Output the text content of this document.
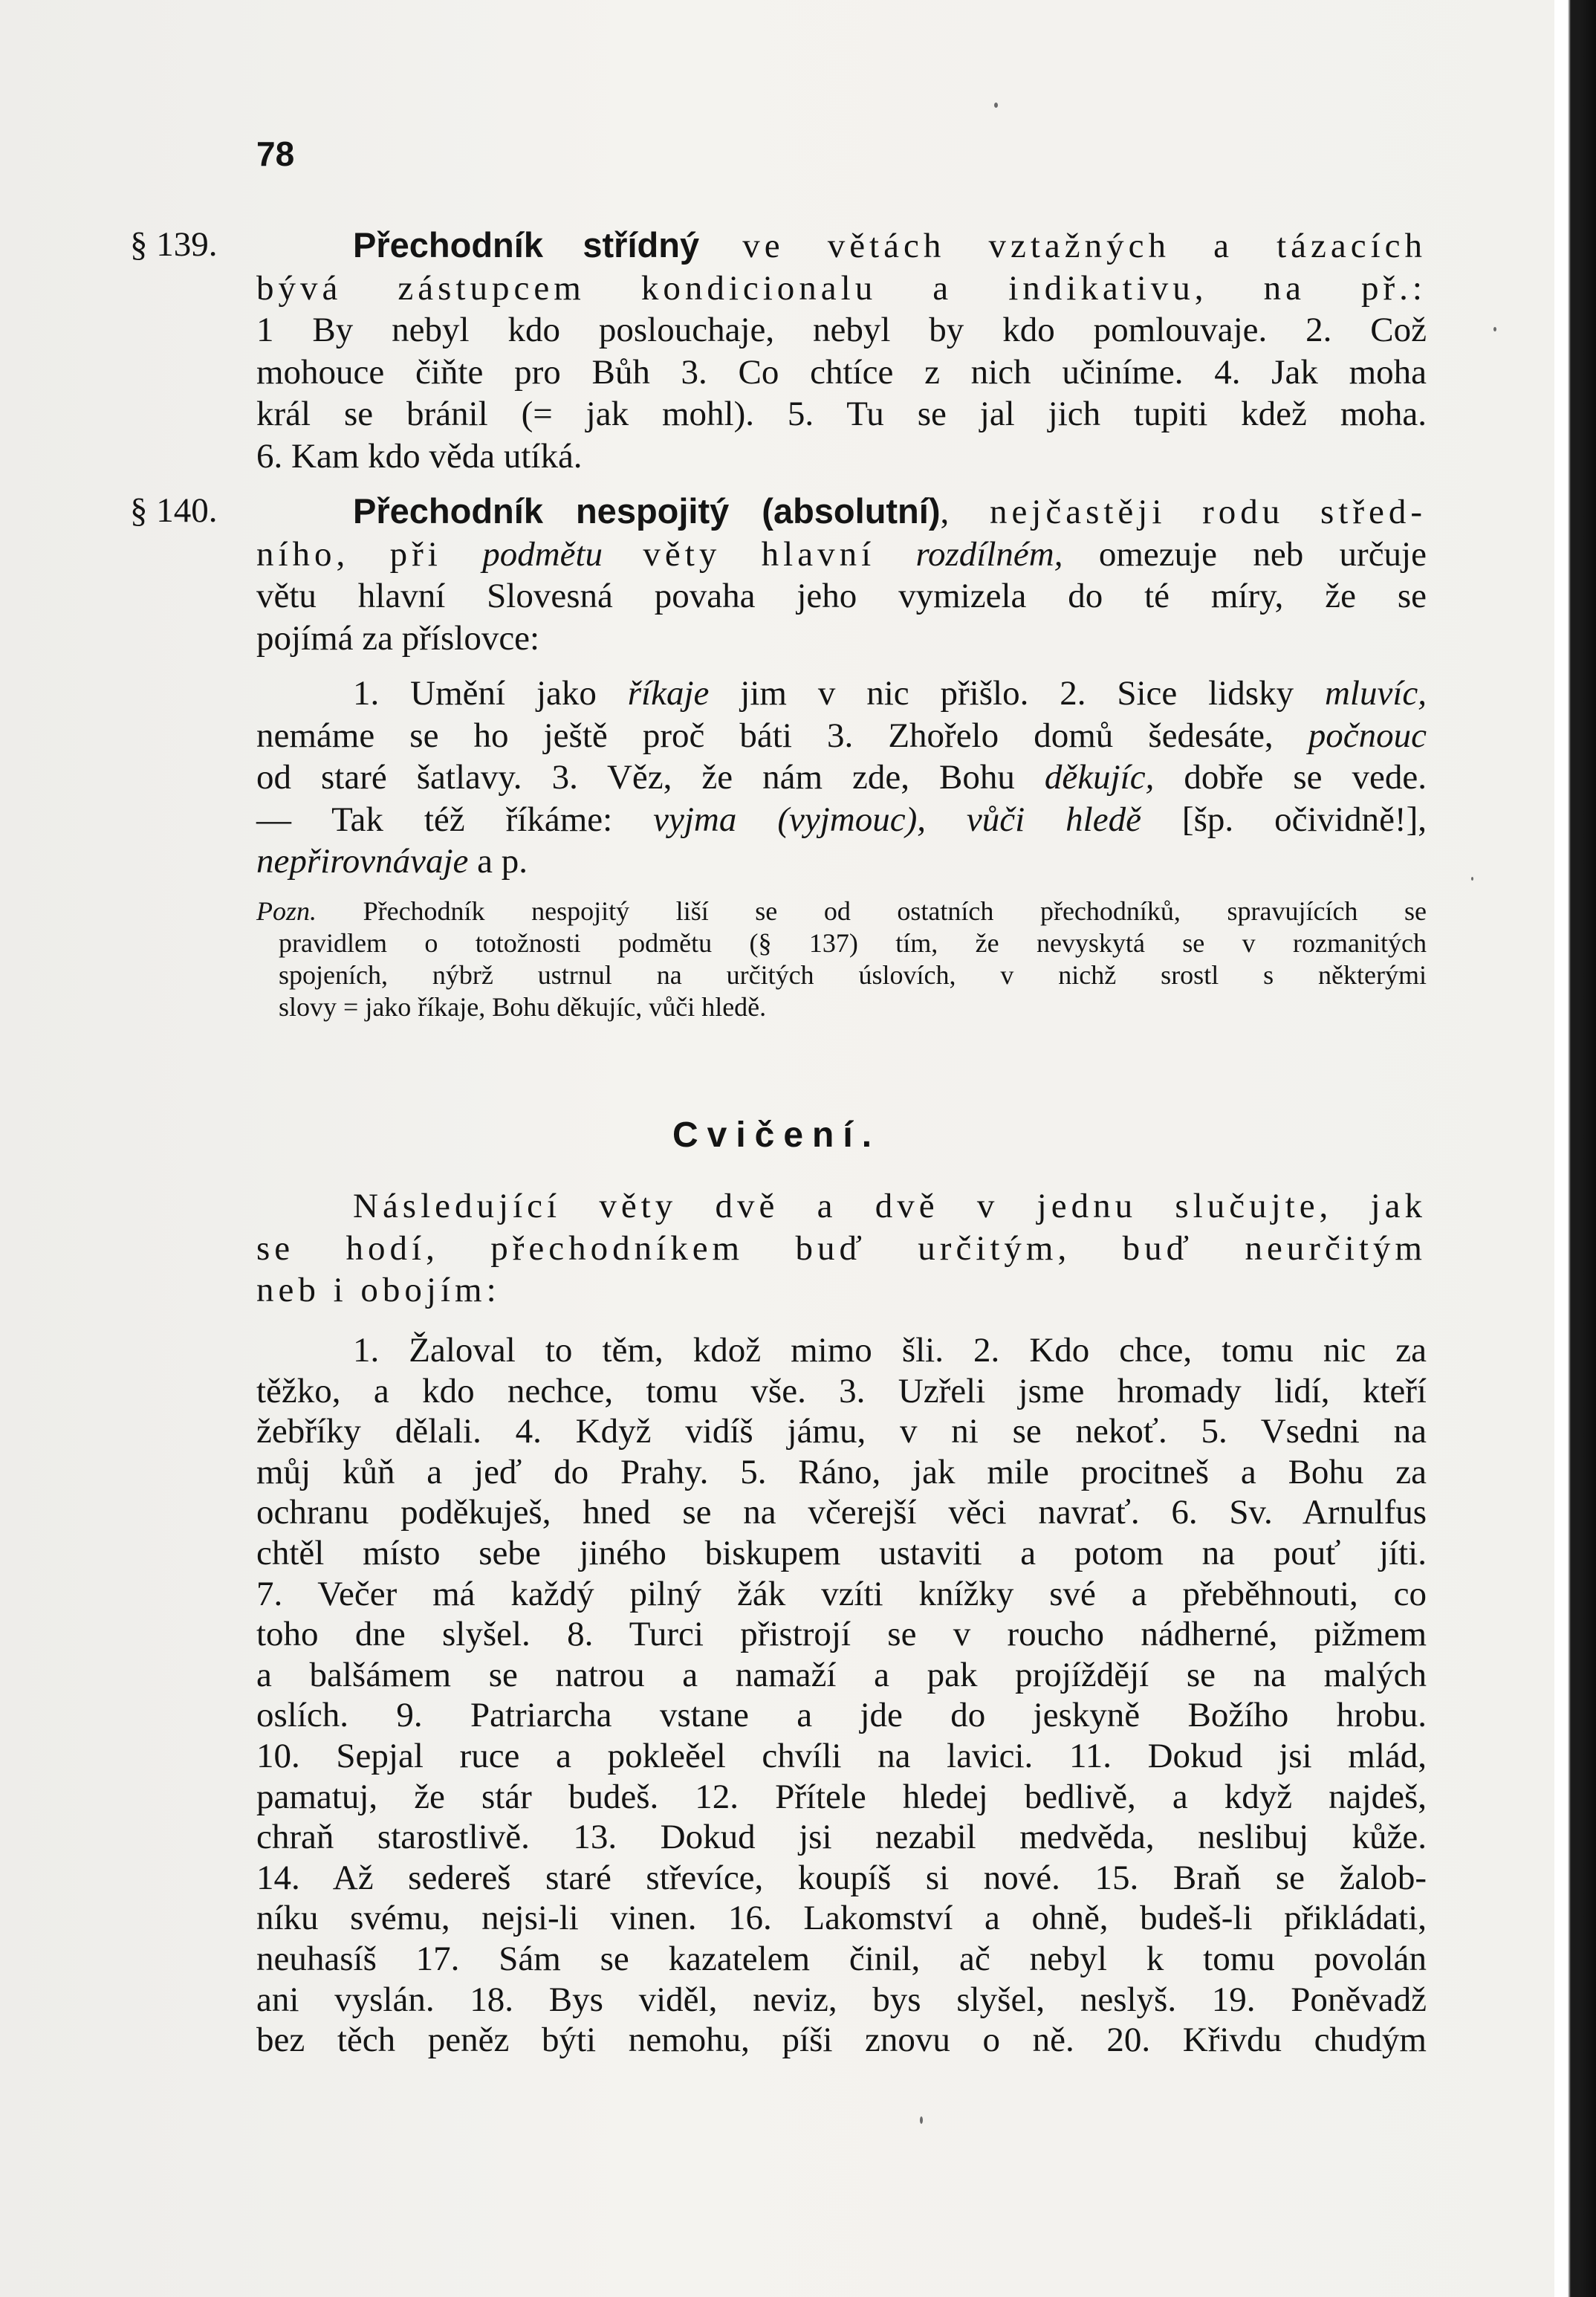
78
§ 139.	Přechodník střídný ve větách vztažných a tázacích
bývá zástupcem kondicionalu a indikativu, na př.:
1 By nebyl kdo poslouchaje, nebyl by kdo pomlouvaje. 2. Což
mohouce čiňte pro Bůh 3. Co chtíce z nich učiníme. 4. Jak moha
král se bránil (= jak mohl). 5. Tu se jal jich tupiti kdež moha.
6. Kam kdo věda utíká.
§ 140.	Přechodník nespojitý (absolutní), nejčastěji rodu střed-
ního, při podmětu věty hlavní rozdílném, omezuje neb určuje
větu hlavní Slovesná povaha jeho vymizela do té míry, že se
pojímá za příslovce:
1. Umění jako říkaje jim v nic přišlo. 2. Sice lidsky mluvíc,
nemáme se ho ještě proč báti 3. Zhořelo domů šedesáte, počnouc
od staré šatlavy. 3. Věz, že nám zde, Bohu děkujíc, dobře se vede.
— Tak též říkáme: vyjma (vyjmouc), vůči hledě [šp. očividně!],
nepřirovnávaje a p.
Pozn. Přechodník nespojitý liší se od ostatních přechodníků, spravujících se
pravidlem o totožnosti podmětu (§ 137) tím, že nevyskytá se v rozmanitých
spojeních, nýbrž ustrnul na určitých úslovích, v nichž srostl s některými
slovy = jako říkaje, Bohu děkujíc, vůči hledě.
Cvičení.
Následující věty dvě a dvě v jednu slučujte, jak
se hodí, přechodníkem buď určitým, buď neurčitým
neb i obojím:
1. Žaloval to těm, kdož mimo šli. 2. Kdo chce, tomu nic za
těžko, a kdo nechce, tomu vše. 3. Uzřeli jsme hromady lidí, kteří
žebříky dělali. 4. Když vidíš jámu, v ni se nekoť. 5. Vsedni na
můj kůň a jeď do Prahy. 5. Ráno, jak mile procitneš a Bohu za
ochranu poděkuješ, hned se na včerejší věci navrať. 6. Sv. Arnulfus
chtěl místo sebe jiného biskupem ustaviti a potom na pouť jíti.
7. Večer má každý pilný žák vzíti knížky své a přeběhnouti, co
toho dne slyšel. 8. Turci přistrojí se v roucho nádherné, pižmem
a balšámem se natrou a namaží a pak projíždějí se na malých
oslích. 9. Patriarcha vstane a jde do jeskyně Božího hrobu.
10. Sepjal ruce a pokleěel chvíli na lavici. 11. Dokud jsi mlád,
pamatuj, že stár budeš. 12. Přítele hledej bedlivě, a když najdeš,
chraň starostlivě. 13. Dokud jsi nezabil medvěda, neslibuj kůže.
14. Až sedereš staré střevíce, koupíš si nové. 15. Braň se žalob-
níku svému, nejsi-li vinen. 16. Lakomství a ohně, budeš-li přikládati,
neuhasíš 17. Sám se kazatelem činil, ač nebyl k tomu povolán
ani vyslán. 18. Bys viděl, neviz, bys slyšel, neslyš. 19. Poněvadž
bez těch peněz býti nemohu, píši znovu o ně. 20. Křivdu chudým
